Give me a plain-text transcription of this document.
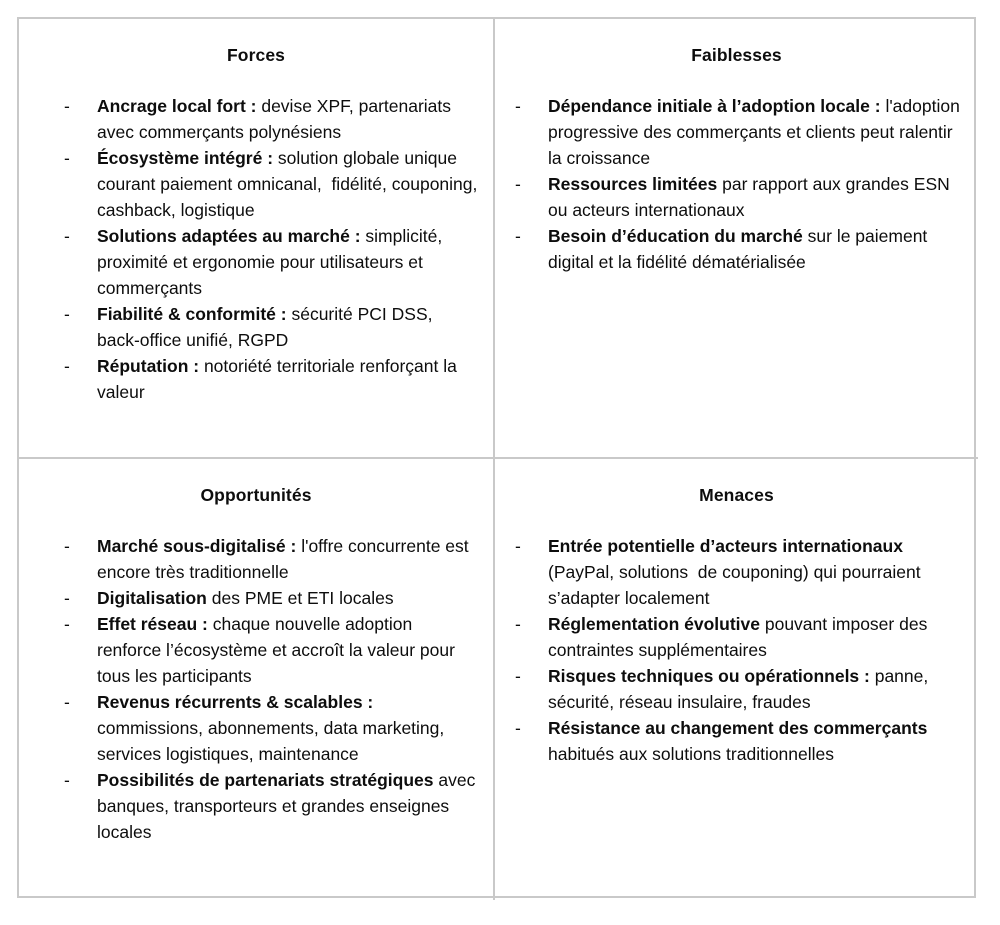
Forces
-	Ancrage local fort : devise XPF, partenariats avec commerçants polynésiens
-	Écosystème intégré : solution globale unique courant paiement omnicanal,  fidélité, couponing, cashback, logistique
-	Solutions adaptées au marché : simplicité, proximité et ergonomie pour utilisateurs et commerçants
-	Fiabilité & conformité : sécurité PCI DSS, back-office unifié, RGPD
-	Réputation : notoriété territoriale renforçant la valeur
Faiblesses
-	Dépendance initiale à l’adoption locale : l'adoption progressive des commerçants et clients peut ralentir la croissance
-	Ressources limitées par rapport aux grandes ESN ou acteurs internationaux
-	Besoin d’éducation du marché sur le paiement digital et la fidélité dématérialisée
Opportunités
-	Marché sous-digitalisé : l'offre concurrente est encore très traditionnelle
-	Digitalisation des PME et ETI locales
-	Effet réseau : chaque nouvelle adoption renforce l’écosystème et accroît la valeur pour tous les participants
-	Revenus récurrents & scalables : commissions, abonnements, data marketing, services logistiques, maintenance
-	Possibilités de partenariats stratégiques avec banques, transporteurs et grandes enseignes locales
Menaces
-	Entrée potentielle d’acteurs internationaux (PayPal, solutions  de couponing) qui pourraient s’adapter localement
-	Réglementation évolutive pouvant imposer des contraintes supplémentaires
-	Risques techniques ou opérationnels : panne, sécurité, réseau insulaire, fraudes
-	Résistance au changement des commerçants habitués aux solutions traditionnelles
